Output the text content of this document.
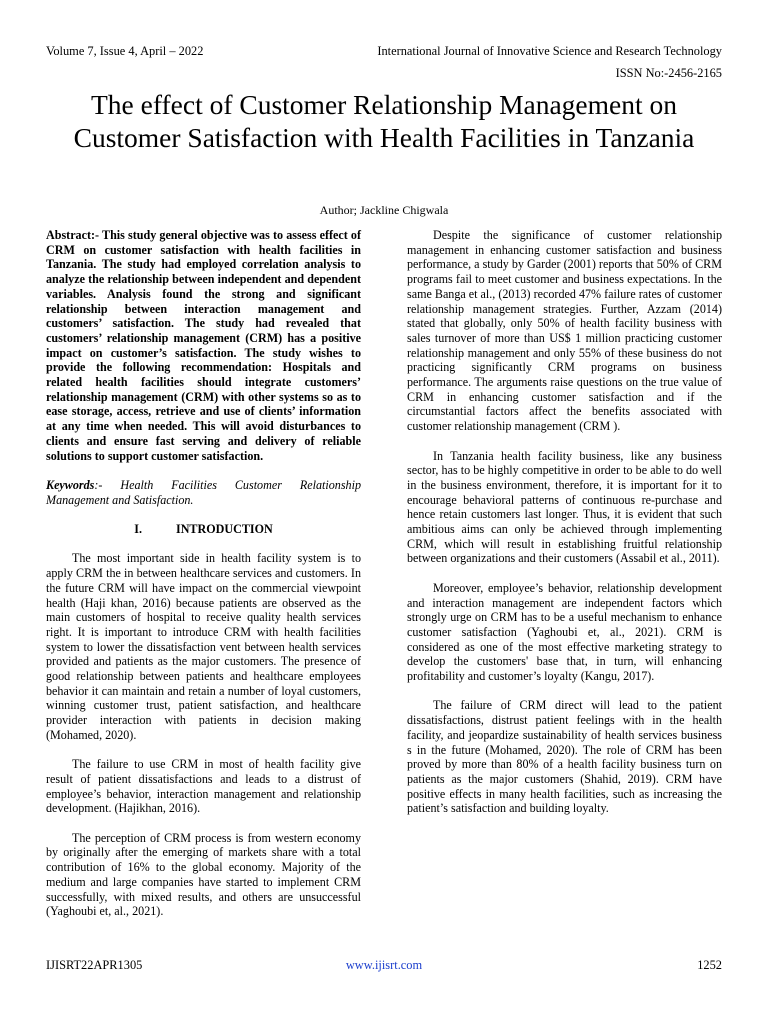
Volume 7, Issue 4, April – 2022	International Journal of Innovative Science and Research Technology
ISSN No:-2456-2165
The effect of Customer Relationship Management on Customer Satisfaction with Health Facilities in Tanzania
Author; Jackline Chigwala

Abstract:- This study general objective was to assess effect of CRM on customer satisfaction with health facilities in Tanzania. The study had employed correlation analysis to analyze the relationship between independent and dependent variables. Analysis found the strong and significant relationship between interaction management and customers’ satisfaction. The study had revealed that customers’ relationship management (CRM) has a positive impact on customer’s satisfaction. The study wishes to provide the following recommendation: Hospitals and related health facilities should integrate customers’ relationship management (CRM) with other systems so as to ease storage, access, retrieve and use of clients’ information at any time when needed. This will avoid disturbances to clients and ensure fast serving and delivery of reliable solutions to support customer satisfaction.

Keywords:- Health Facilities Customer Relationship Management and Satisfaction.

I.	INTRODUCTION

The most important side in health facility system is to apply CRM the in between healthcare services and customers. In the future CRM will have impact on the commercial viewpoint health (Haji khan, 2016) because patients are observed as the main customers of hospital to receive quality health services right. It is important to introduce CRM with health facilities system to lower the dissatisfaction vent between health services provided and patients as the major customers. The presence of good relationship between patients and healthcare employees behavior it can maintain and retain a number of loyal customers, winning customer trust, patient satisfaction, and healthcare provider interaction with patients in decision making (Mohamed, 2020).

The failure to use CRM in most of health facility give result of patient dissatisfactions and leads to a distrust of employee’s behavior, interaction management and relationship development. (Hajikhan, 2016).

The perception of CRM process is from western economy by originally after the emerging of markets share with a total contribution of 16% to the global economy. Majority of the medium and large companies have started to implement CRM successfully, with mixed results, and others are unsuccessful (Yaghoubi et, al., 2021).

Despite the significance of customer relationship management in enhancing customer satisfaction and business performance, a study by Garder (2001) reports that 50% of CRM programs fail to meet customer and business expectations. In the same Banga et al., (2013) recorded 47% failure rates of customer relationship management strategies. Further, Azzam (2014) stated that globally, only 50% of health facility business with sales turnover of more than US$ 1 million practicing customer relationship management and only 55% of these business do not practicing significantly CRM programs on business performance. The arguments raise questions on the true value of CRM in enhancing customer satisfaction and if the circumstantial factors affect the benefits associated with customer relationship management (CRM ).

In Tanzania health facility business, like any business sector, has to be highly competitive in order to be able to do well in the business environment, therefore, it is important for it to encourage behavioral patterns of continuous re-purchase and hence retain customers last longer. Thus, it is evident that such ambitious aims can only be achieved through implementing CRM, which will result in establishing fruitful relationship between organizations and their customers (Assabil et al., 2011).

Moreover, employee’s behavior, relationship development and interaction management are independent factors which strongly urge on CRM has to be a useful mechanism to enhance customer satisfaction (Yaghoubi et, al., 2021). CRM is considered as one of the most effective marketing strategy to develop the customers' base that, in turn, will enhancing profitability and customer’s loyalty (Kangu, 2017).

The failure of CRM direct will lead to the patient dissatisfactions, distrust patient feelings with in the health facility, and jeopardize sustainability of health services business s in the future (Mohamed, 2020). The role of CRM has been proved by more than 80% of a health facility business turn on patients as the major customers (Shahid, 2019). CRM have positive effects in many health facilities, such as increasing the patient’s satisfaction and building loyalty.

IJISRT22APR1305	www.ijisrt.com	1252
